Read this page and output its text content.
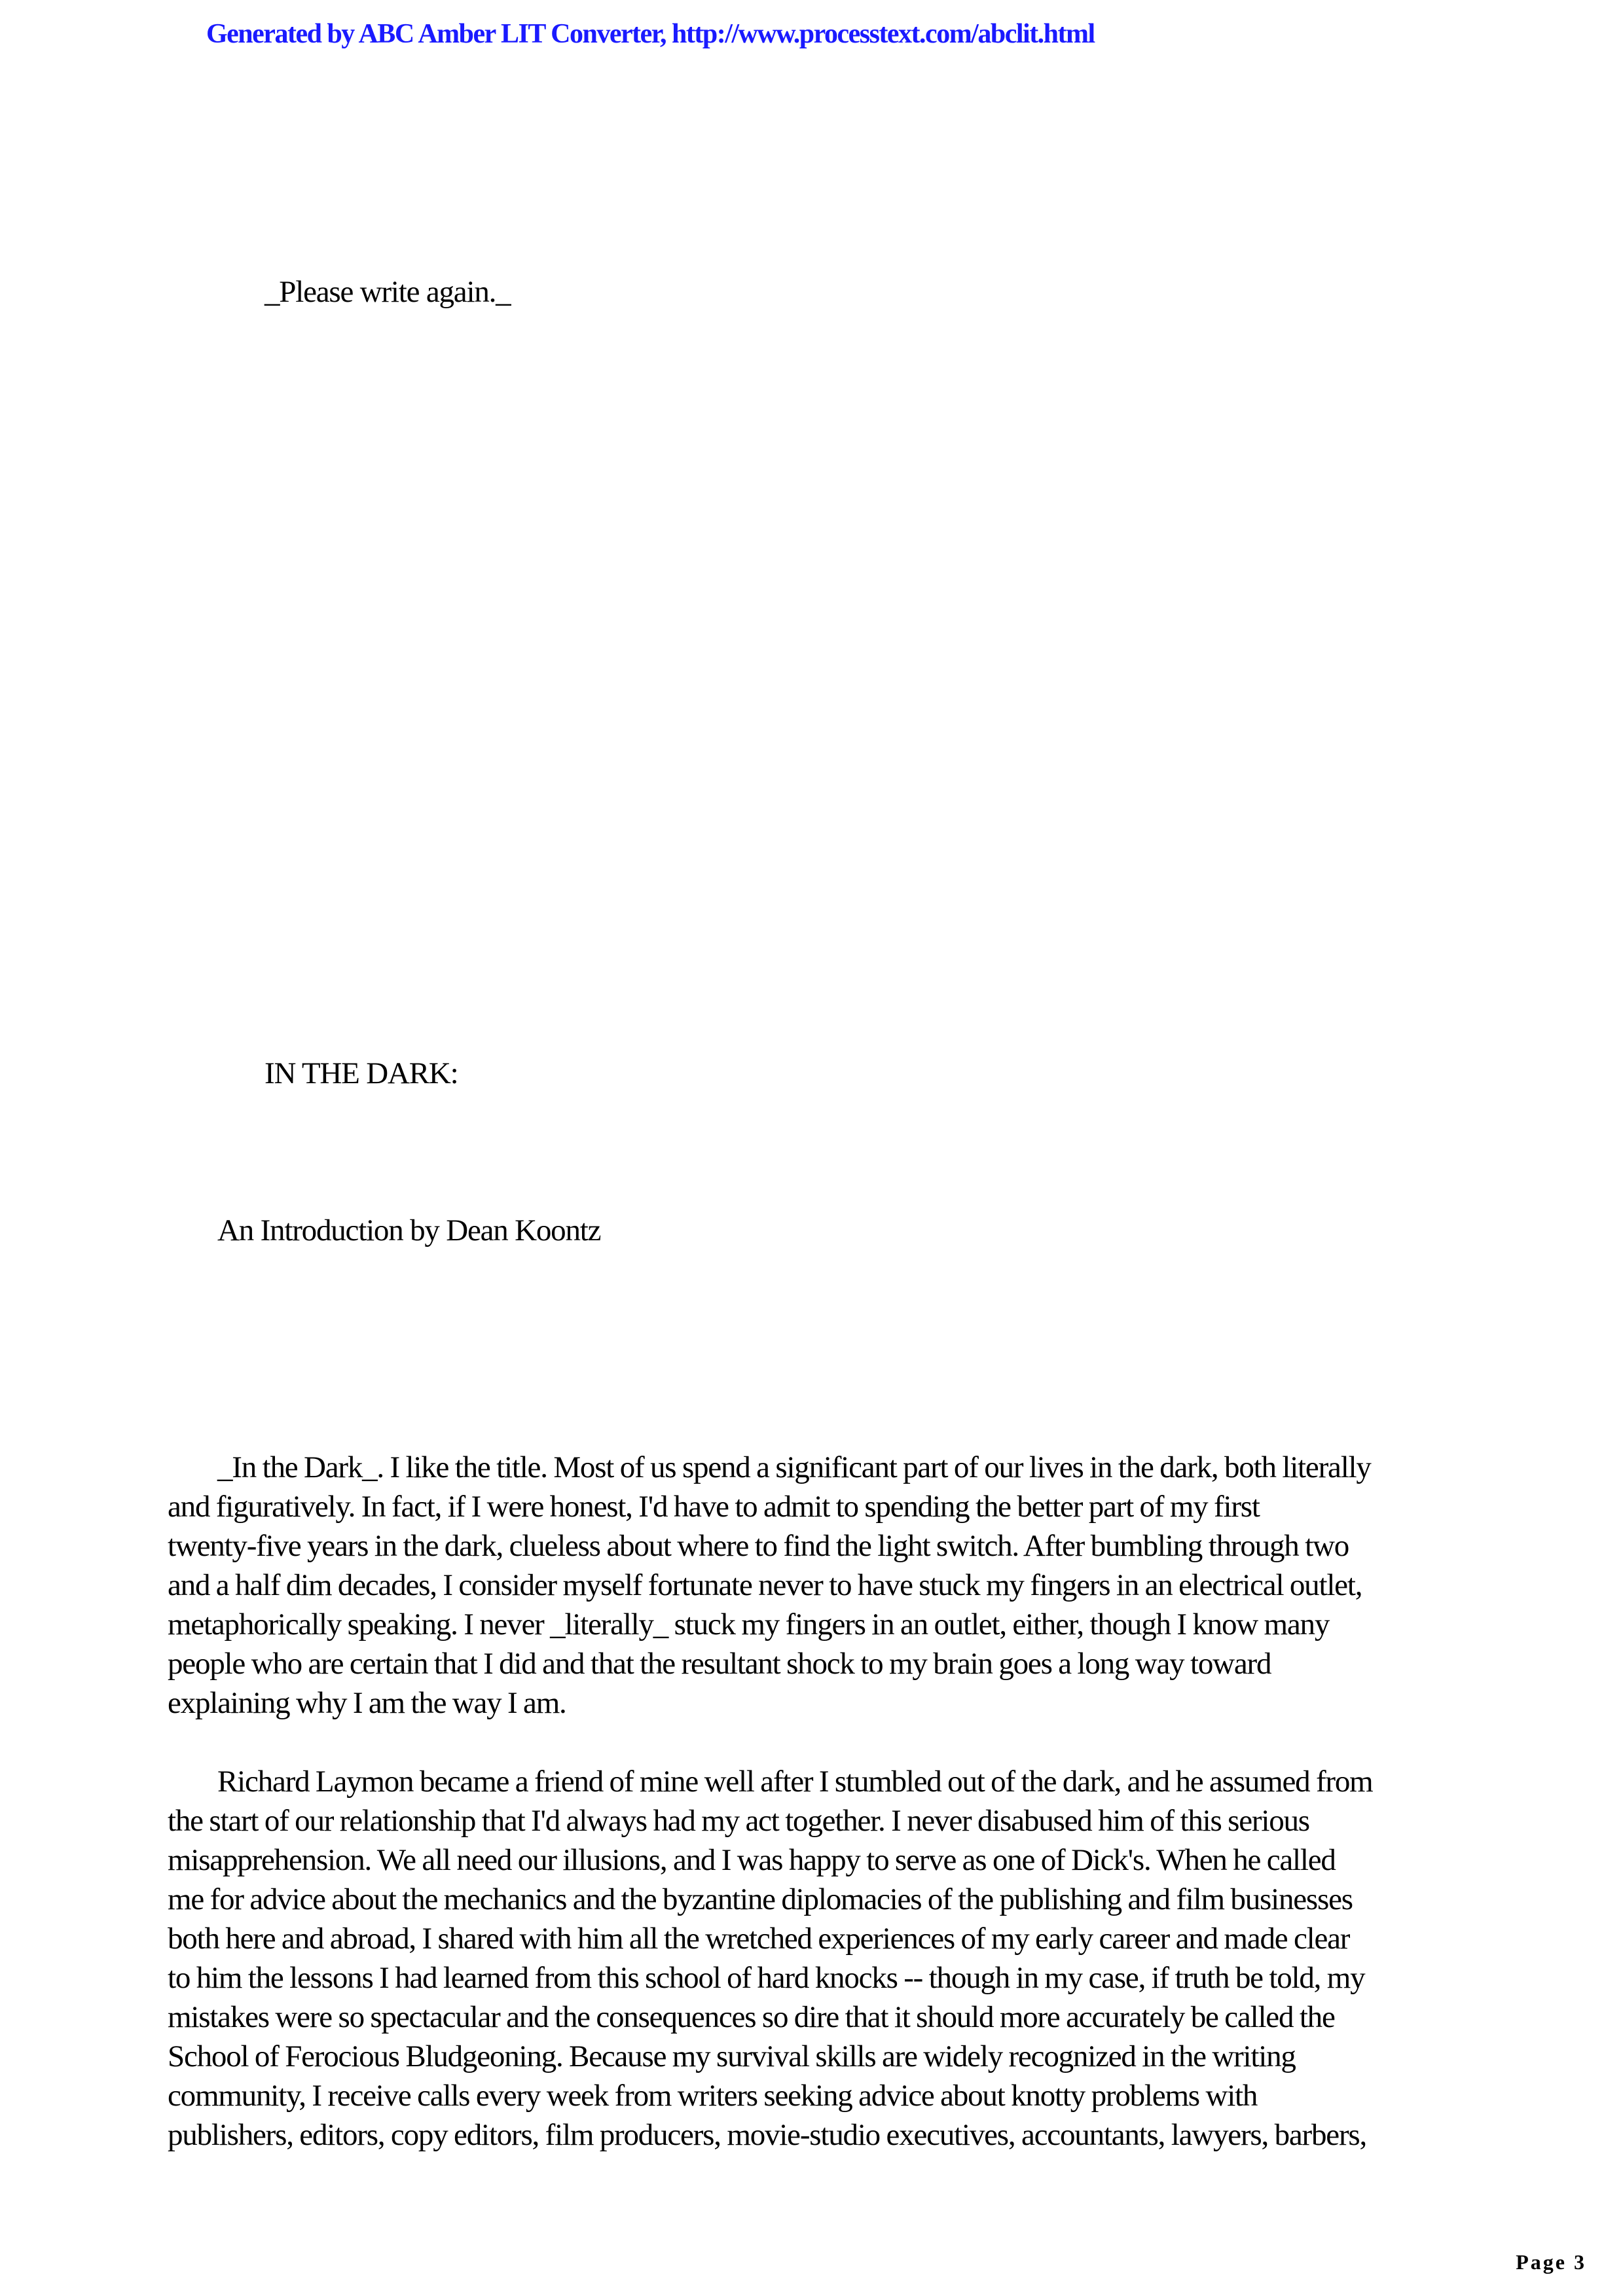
Generated by ABC Amber LIT Converter, http://www.processtext.com/abclit.html
_Please write again._
IN THE DARK:
An Introduction by Dean Koontz
_In the Dark_. I like the title. Most of us spend a significant part of our lives in the dark, both literally
and figuratively. In fact, if I were honest, I'd have to admit to spending the better part of my first
twenty-five years in the dark, clueless about where to find the light switch. After bumbling through two
and a half dim decades, I consider myself fortunate never to have stuck my fingers in an electrical outlet,
metaphorically speaking. I never _literally_ stuck my fingers in an outlet, either, though I know many
people who are certain that I did and that the resultant shock to my brain goes a long way toward
explaining why I am the way I am.
Richard Laymon became a friend of mine well after I stumbled out of the dark, and he assumed from
the start of our relationship that I'd always had my act together. I never disabused him of this serious
misapprehension. We all need our illusions, and I was happy to serve as one of Dick's. When he called
me for advice about the mechanics and the byzantine diplomacies of the publishing and film businesses
both here and abroad, I shared with him all the wretched experiences of my early career and made clear
to him the lessons I had learned from this school of hard knocks -- though in my case, if truth be told, my
mistakes were so spectacular and the consequences so dire that it should more accurately be called the
School of Ferocious Bludgeoning. Because my survival skills are widely recognized in the writing
community, I receive calls every week from writers seeking advice about knotty problems with
publishers, editors, copy editors, film producers, movie-studio executives, accountants, lawyers, barbers,
Page 3
